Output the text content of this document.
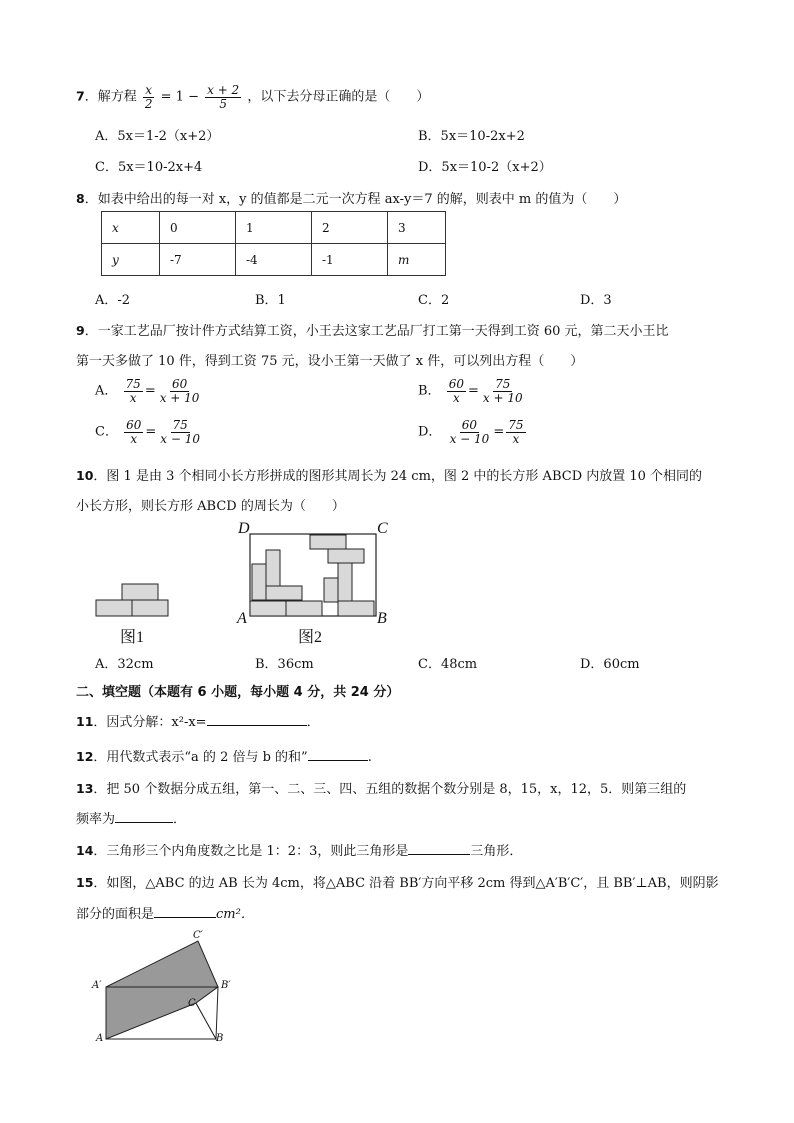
7．解方程 $\frac{x}{2} = 1 - \frac{x + 2}{5}$ ，以下去分母正确的是（　　）
A．5x＝1-2（x+2）	B．5x＝10-2x+2
C．5x＝10-2x+4	D．5x＝10-2（x+2）
8．如表中给出的每一对 x，y 的值都是二元一次方程 ax-y＝7 的解，则表中 m 的值为（　　）
x	0	1	2	3
y	-7	-4	-1	m
A．-2	B．1	C．2	D．3
9．一家工艺品厂按计件方式结算工资，小王去这家工艺品厂打工第一天得到工资 60 元，第二天小王比
第一天多做了 10 件，得到工资 75 元，设小王第一天做了 x 件，可以列出方程（　　）
A． $\frac{75}{x} = \frac{60}{x + 10}$	B． $\frac{60}{x} = \frac{75}{x + 10}$
C． $\frac{60}{x} = \frac{75}{x - 10}$	D． $\frac{60}{x - 10} = \frac{75}{x}$
10．图 1 是由 3 个相同小长方形拼成的图形其周长为 24 cm，图 2 中的长方形 ABCD 内放置 10 个相同的
小长方形，则长方形 ABCD 的周长为（　　）
图1
D	C
A	B
图2
A．32cm	B．36cm	C．48cm	D．60cm
二、填空题（本题有 6 小题，每小题 4 分，共 24 分）
11．因式分解：x²-x=	．
12．用代数式表示“a 的 2 倍与 b 的和”	.
13．把 50 个数据分成五组，第一、二、三、四、五组的数据个数分别是 8，15，x，12，5．则第三组的
频率为	．
14．三角形三个内角度数之比是 1：2：3，则此三角形是	三角形．
15．如图，△ABC 的边 AB 长为 4cm，将△ABC 沿着 BB′方向平移 2cm 得到△A′B′C′，且 BB′⊥AB，则阴影
部分的面积是	cm²．
C′
A′	B′
C
A	B
